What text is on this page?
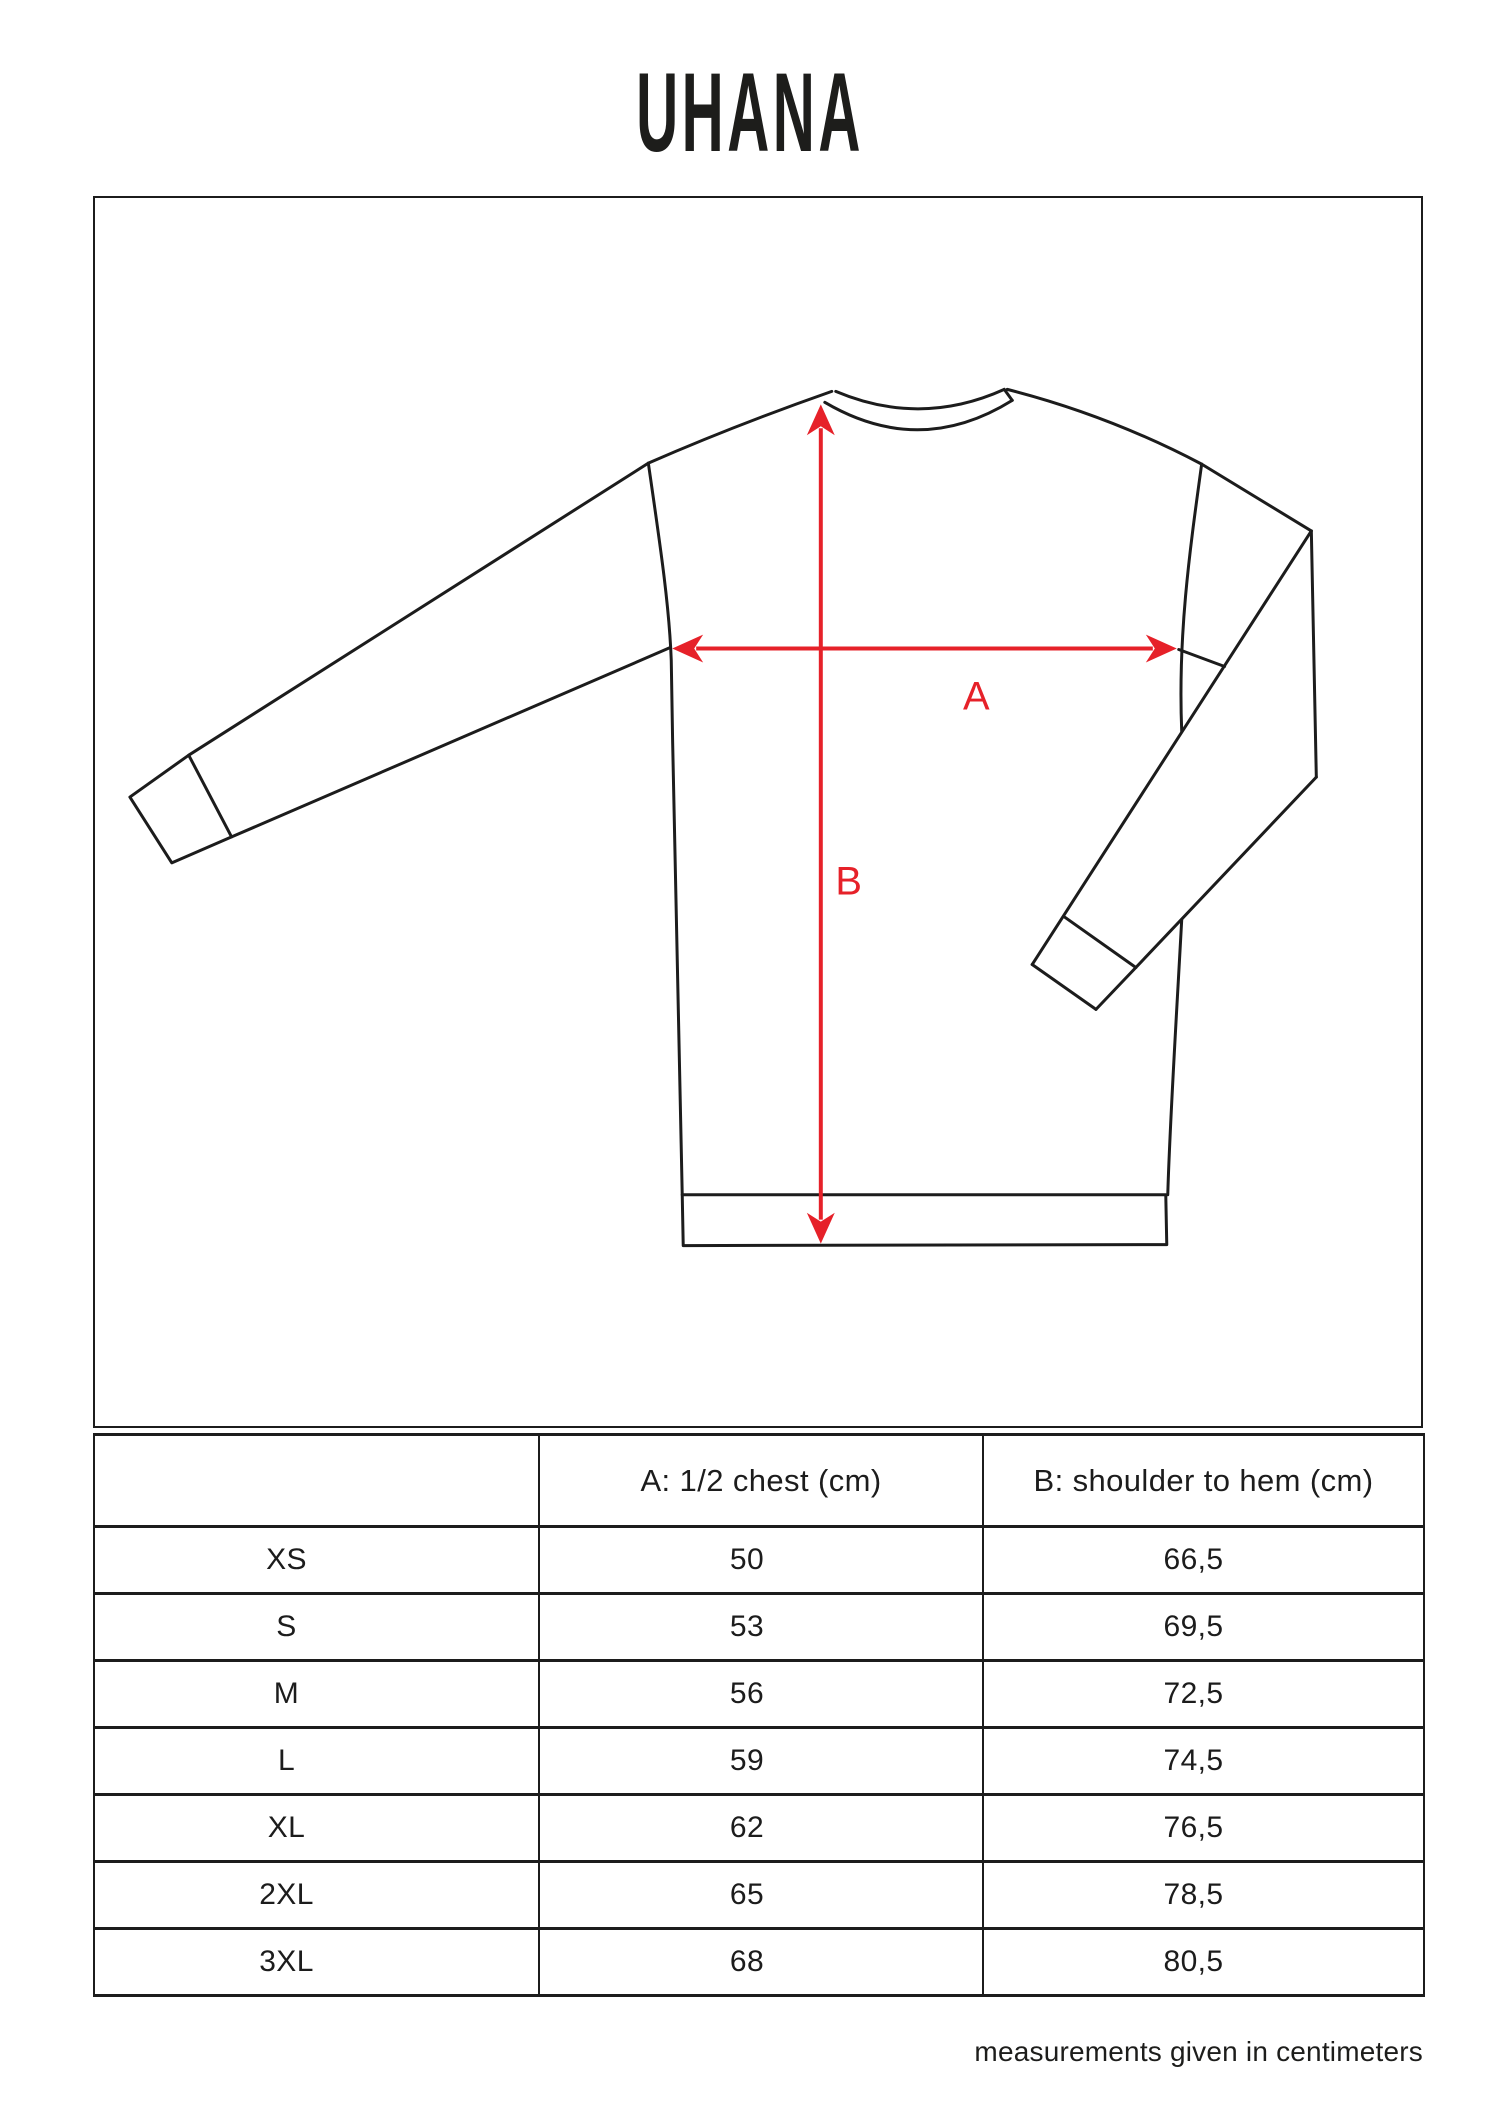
UHANA
A
B
	A: 1/2 chest (cm)	B: shoulder to hem (cm)
XS	50	66,5
S	53	69,5
M	56	72,5
L	59	74,5
XL	62	76,5
2XL	65	78,5
3XL	68	80,5
measurements given in centimeters
